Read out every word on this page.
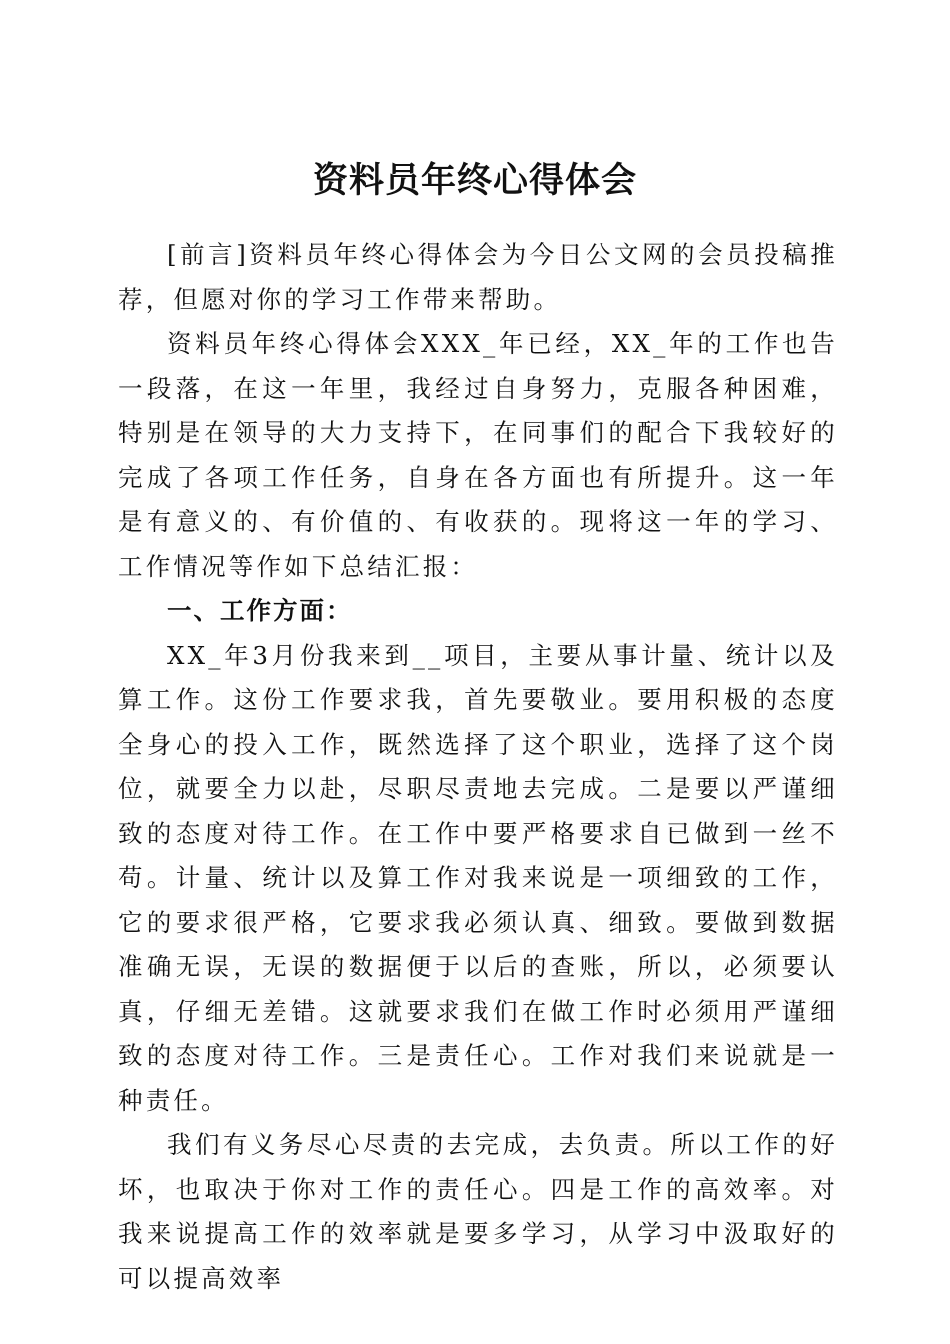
资料员年终心得体会

[前言]资料员年终心得体会为今日公文网的会员投稿推荐，但愿对你的学习工作带来帮助。

资料员年终心得体会XXX_年已经，XX_年的工作也告一段落，在这一年里，我经过自身努力，克服各种困难，特别是在领导的大力支持下，在同事们的配合下我较好的完成了各项工作任务，自身在各方面也有所提升。这一年是有意义的、有价值的、有收获的。现将这一年的学习、工作情况等作如下总结汇报：

一、工作方面：

XX_年3月份我来到__项目，主要从事计量、统计以及算工作。这份工作要求我，首先要敬业。要用积极的态度全身心的投入工作，既然选择了这个职业，选择了这个岗位，就要全力以赴，尽职尽责地去完成。二是要以严谨细致的态度对待工作。在工作中要严格要求自已做到一丝不苟。计量、统计以及算工作对我来说是一项细致的工作，它的要求很严格，它要求我必须认真、细致。要做到数据准确无误，无误的数据便于以后的查账，所以，必须要认真，仔细无差错。这就要求我们在做工作时必须用严谨细致的态度对待工作。三是责任心。工作对我们来说就是一种责任。

我们有义务尽心尽责的去完成，去负责。所以工作的好坏，也取决于你对工作的责任心。四是工作的高效率。对我来说提高工作的效率就是要多学习，从学习中汲取好的可以提高效率
